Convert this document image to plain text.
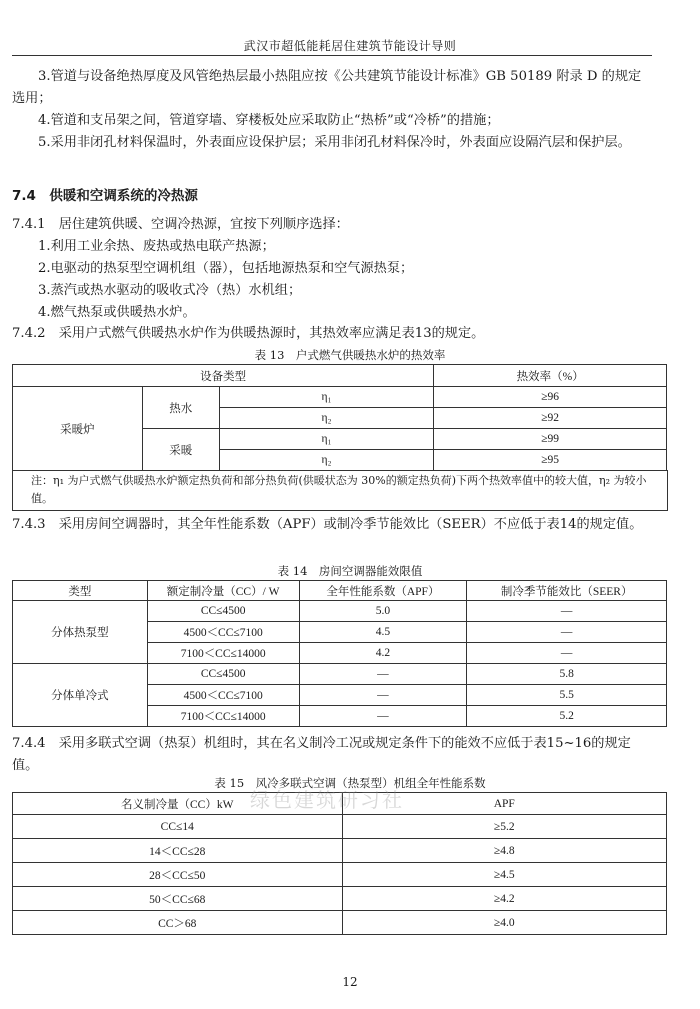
武汉市超低能耗居住建筑节能设计导则
3.管道与设备绝热厚度及风管绝热层最小热阻应按《公共建筑节能设计标准》GB 50189 附录 D 的规定选用；
4.管道和支吊架之间，管道穿墙、穿楼板处应采取防止“热桥”或“冷桥”的措施；
5.采用非闭孔材料保温时，外表面应设保护层；采用非闭孔材料保冷时，外表面应设隔汽层和保护层。
7.4　供暖和空调系统的冷热源
7.4.1　居住建筑供暖、空调冷热源，宜按下列顺序选择：
1.利用工业余热、废热或热电联产热源；
2.电驱动的热泵型空调机组（器），包括地源热泵和空气源热泵；
3.蒸汽或热水驱动的吸收式冷（热）水机组；
4.燃气热泵或供暖热水炉。
7.4.2　采用户式燃气供暖热水炉作为供暖热源时，其热效率应满足表13的规定。
表 13　户式燃气供暖热水炉的热效率
设备类型			热效率（%）
采暖炉	热水	η₁	≥96
		η₂	≥92
	采暖	η₁	≥99
		η₂	≥95
注：η₁ 为户式燃气供暖热水炉额定热负荷和部分热负荷(供暖状态为 30%的额定热负荷)下两个热效率值中的较大值，η₂ 为较小值。
7.4.3　采用房间空调器时，其全年性能系数（APF）或制冷季节能效比（SEER）不应低于表14的规定值。
表 14　房间空调器能效限值
类型	额定制冷量（CC）/ W	全年性能系数（APF）	制冷季节能效比（SEER）
分体热泵型	CC≤4500	5.0	—
	4500＜CC≤7100	4.5	—
	7100＜CC≤14000	4.2	—
分体单冷式	CC≤4500	—	5.8
	4500＜CC≤7100	—	5.5
	7100＜CC≤14000	—	5.2
7.4.4　采用多联式空调（热泵）机组时，其在名义制冷工况或规定条件下的能效不应低于表15~16的规定值。
表 15　风冷多联式空调（热泵型）机组全年性能系数
名义制冷量（CC）kW	APF
CC≤14	≥5.2
14＜CC≤28	≥4.8
28＜CC≤50	≥4.5
50＜CC≤68	≥4.2
CC＞68	≥4.0
绿色建筑研习社
12
